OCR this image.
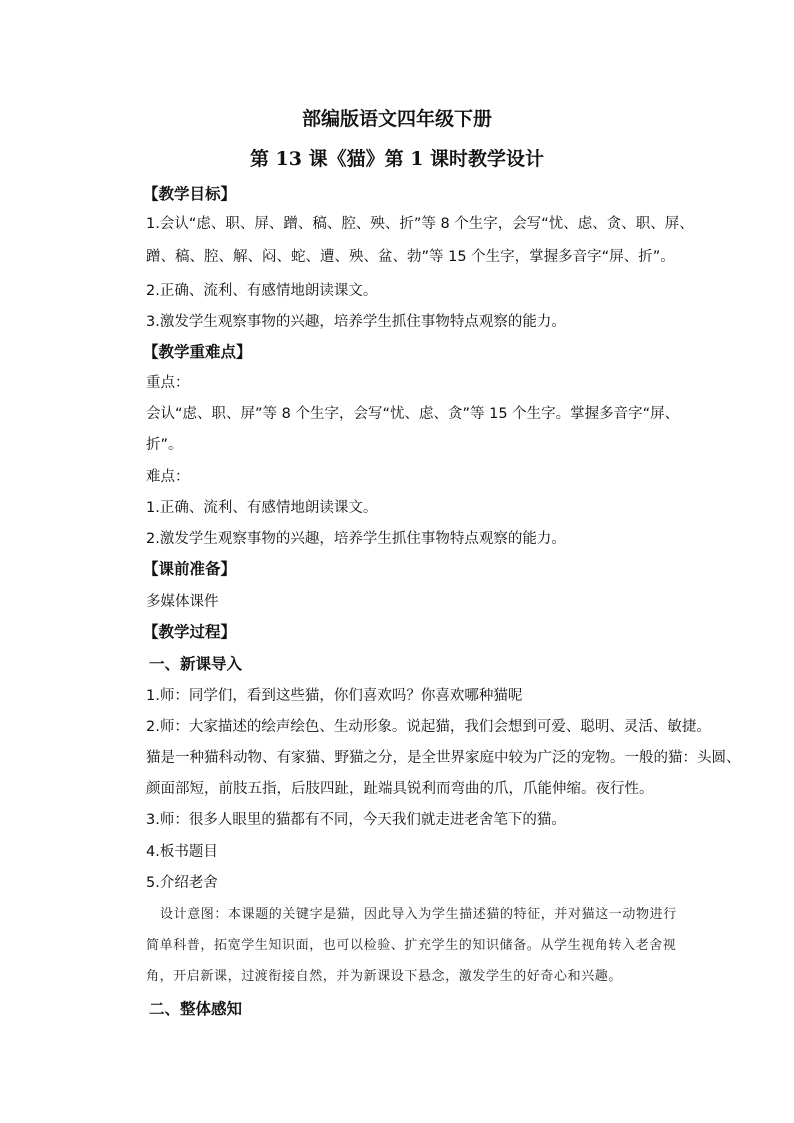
部编版语文四年级下册
第 13 课《猫》第 1 课时教学设计
【教学目标】
1.会认“虑、职、屏、蹭、稿、腔、殃、折”等 8 个生字，会写“忧、虑、贪、职、屏、
蹭、稿、腔、解、闷、蛇、遭、殃、盆、勃”等 15 个生字，掌握多音字“屏、折”。
2.正确、流利、有感情地朗读课文。
3.激发学生观察事物的兴趣，培养学生抓住事物特点观察的能力。
【教学重难点】
重点：
会认“虑、职、屏”等 8 个生字，会写“忧、虑、贪”等 15 个生字。掌握多音字“屏、
折”。
难点：
1.正确、流利、有感情地朗读课文。
2.激发学生观察事物的兴趣，培养学生抓住事物特点观察的能力。
【课前准备】
多媒体课件
【教学过程】
一、新课导入
1.师：同学们，看到这些猫，你们喜欢吗？你喜欢哪种猫呢
2.师：大家描述的绘声绘色、生动形象。说起猫，我们会想到可爱、聪明、灵活、敏捷。
猫是一种猫科动物、有家猫、野猫之分，是全世界家庭中较为广泛的宠物。一般的猫：头圆、
颜面部短，前肢五指，后肢四趾，趾端具锐利而弯曲的爪，爪能伸缩。夜行性。
3.师：很多人眼里的猫都有不同，今天我们就走进老舍笔下的猫。
4.板书题目
5.介绍老舍
设计意图：本课题的关键字是猫，因此导入为学生描述猫的特征，并对猫这一动物进行
简单科普，拓宽学生知识面，也可以检验、扩充学生的知识储备。从学生视角转入老舍视
角，开启新课，过渡衔接自然，并为新课设下悬念，激发学生的好奇心和兴趣。
二、整体感知
